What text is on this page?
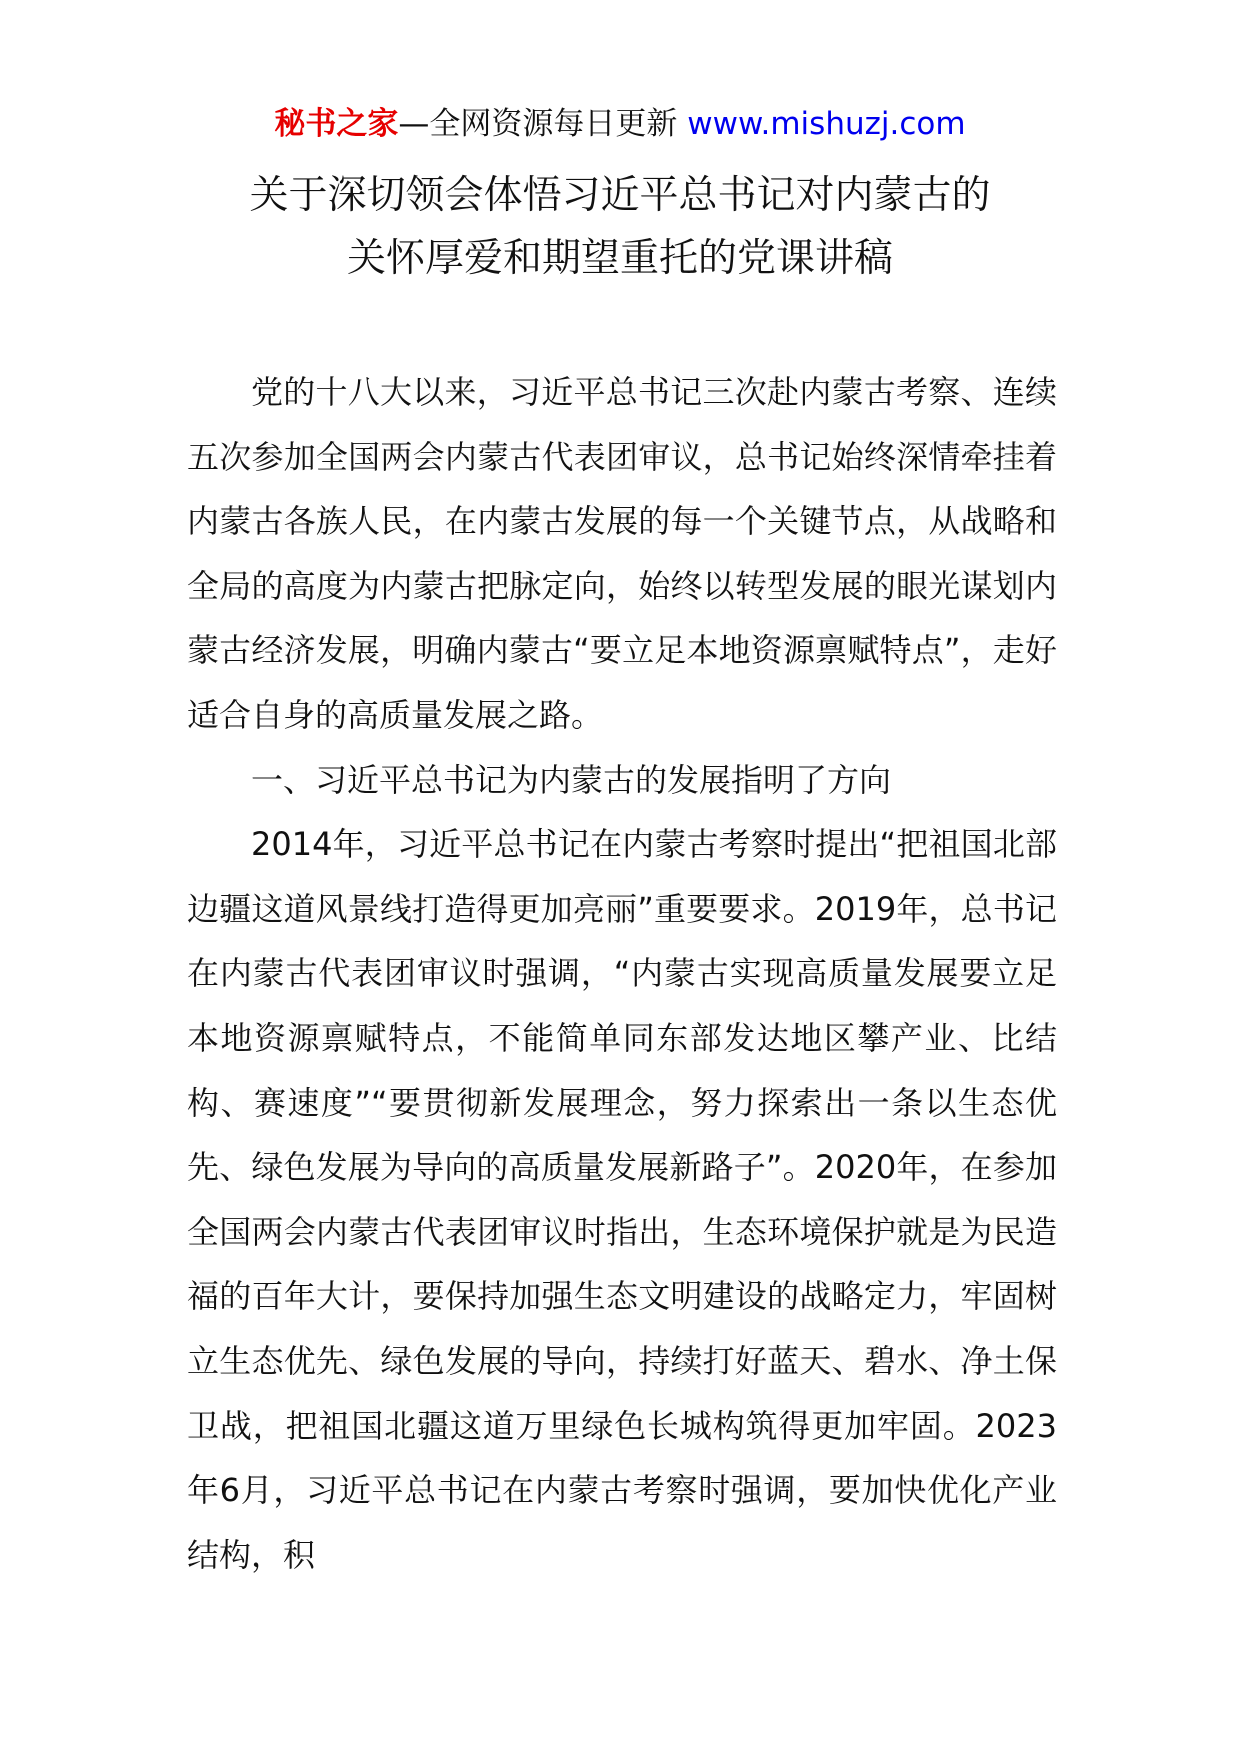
秘书之家—全网资源每日更新 www.mishuzj.com
关于深切领会体悟习近平总书记对内蒙古的
关怀厚爱和期望重托的党课讲稿

党的十八大以来，习近平总书记三次赴内蒙古考察、连续五次参加全国两会内蒙古代表团审议，总书记始终深情牵挂着内蒙古各族人民，在内蒙古发展的每一个关键节点，从战略和全局的高度为内蒙古把脉定向，始终以转型发展的眼光谋划内蒙古经济发展，明确内蒙古“要立足本地资源禀赋特点”，走好适合自身的高质量发展之路。

一、习近平总书记为内蒙古的发展指明了方向

2014年，习近平总书记在内蒙古考察时提出“把祖国北部边疆这道风景线打造得更加亮丽”重要要求。2019年，总书记在内蒙古代表团审议时强调，“内蒙古实现高质量发展要立足本地资源禀赋特点，不能简单同东部发达地区攀产业、比结构、赛速度”“要贯彻新发展理念，努力探索出一条以生态优先、绿色发展为导向的高质量发展新路子”。2020年，在参加全国两会内蒙古代表团审议时指出，生态环境保护就是为民造福的百年大计，要保持加强生态文明建设的战略定力，牢固树立生态优先、绿色发展的导向，持续打好蓝天、碧水、净土保卫战，把祖国北疆这道万里绿色长城构筑得更加牢固。2023年6月，习近平总书记在内蒙古考察时强调，要加快优化产业结构，积
